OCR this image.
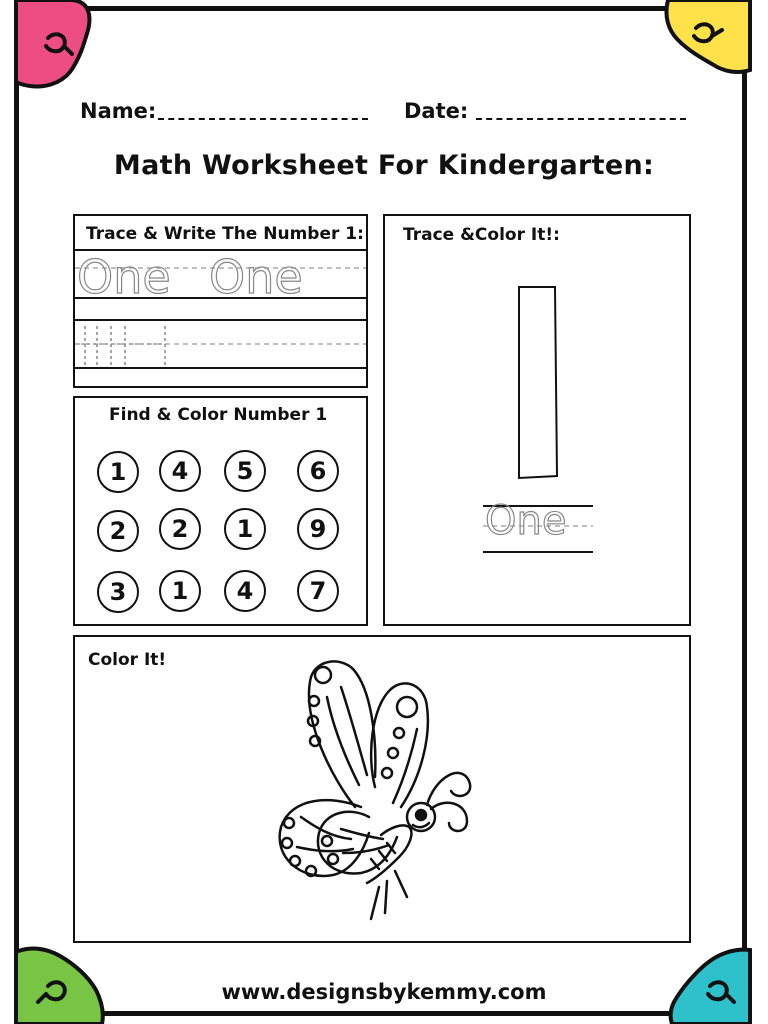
Name:	Date:
Math Worksheet For Kindergarten:
Trace & Write The Number 1:
One One
Find & Color Number 1
1	4	5	6
2	2	1	9
3	1	4	7
Trace &Color It!:
One
Color It!
www.designsbykemmy.com
